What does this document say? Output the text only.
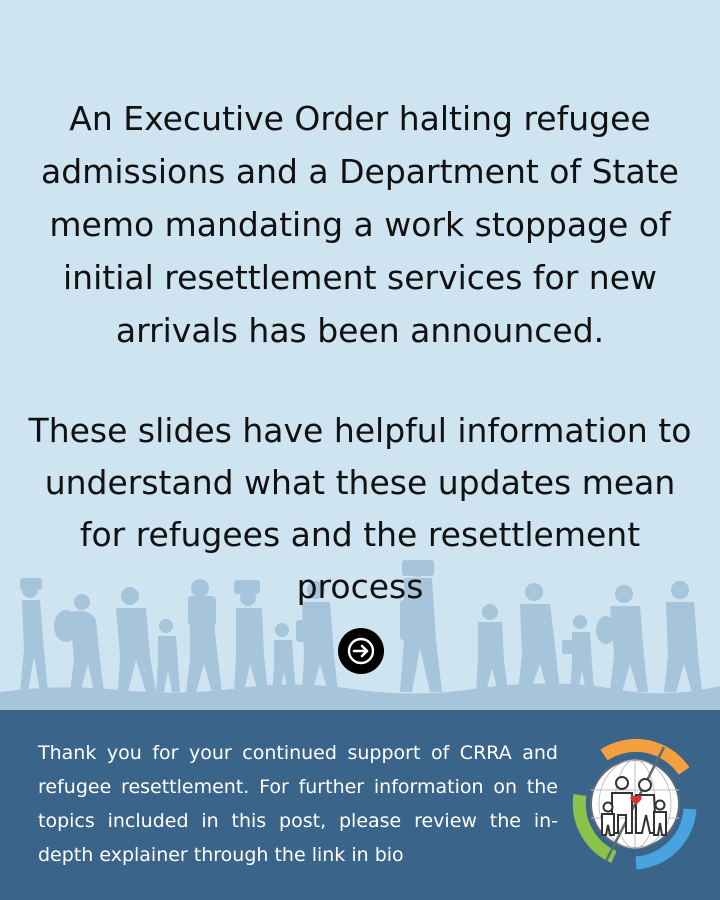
An Executive Order halting refugee admissions and a Department of State memo mandating a work stoppage of initial resettlement services for new arrivals has been announced.

These slides have helpful information to understand what these updates mean for refugees and the resettlement process

Thank you for your continued support of CRRA and refugee resettlement. For further information on the topics included in this post, please review the in-depth explainer through the link in bio
